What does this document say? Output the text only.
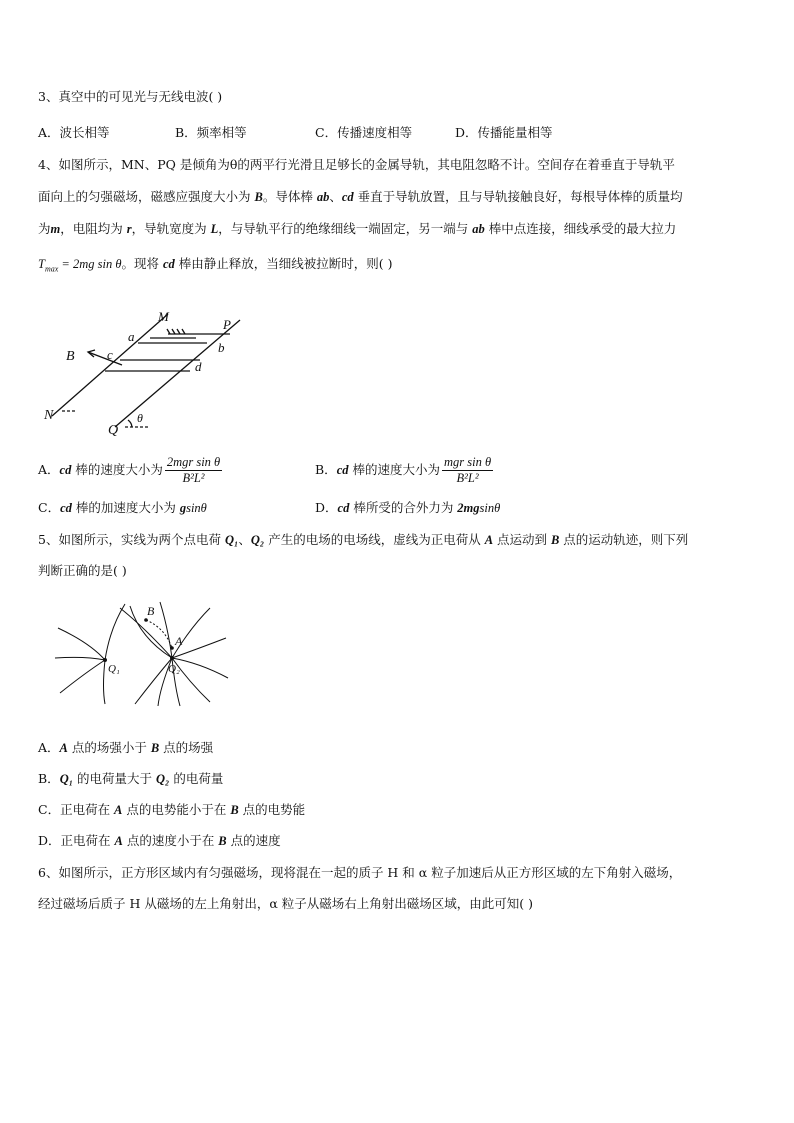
3、真空中的可见光与无线电波( )
A．波长相等	B．频率相等	C．传播速度相等	D．传播能量相等
4、如图所示，MN、PQ 是倾角为θ的两平行光滑且足够长的金属导轨，其电阻忽略不计。空间存在着垂直于导轨平
面向上的匀强磁场，磁感应强度大小为 B。导体棒 ab、cd 垂直于导轨放置，且与导轨接触良好，每根导体棒的质量均
为m，电阻均为 r，导轨宽度为 L，与导轨平行的绝缘细线一端固定，另一端与 ab 棒中点连接，细线承受的最大拉力
$T_{max} = 2mg$ sin θ。现将 cd 棒由静止释放，当细线被拉断时，则( )
M
P
a
b
c
d
B
N
Q
θ
A．cd 棒的速度大小为 $\frac{\text{2mgr sin θ}}{\text{B²L²}}$	B．cd 棒的速度大小为 $\frac{\text{mgr sin θ}}{\text{B²L²}}$
C．cd 棒的加速度大小为 gsinθ	D．cd 棒所受的合外力为 2mgsinθ
5、如图所示，实线为两个点电荷 Q₁、Q₂ 产生的电场的电场线，虚线为正电荷从 A 点运动到 B 点的运动轨迹，则下列
判断正确的是( )
B
A
Q₁	Q₂
A．A 点的场强小于 B 点的场强
B．Q₁ 的电荷量大于 Q₂ 的电荷量
C．正电荷在 A 点的电势能小于在 B 点的电势能
D．正电荷在 A 点的速度小于在 B 点的速度
6、如图所示，正方形区域内有匀强磁场，现将混在一起的质子 H 和 α 粒子加速后从正方形区域的左下角射入磁场，
经过磁场后质子 H 从磁场的左上角射出，α 粒子从磁场右上角射出磁场区域，由此可知( )
